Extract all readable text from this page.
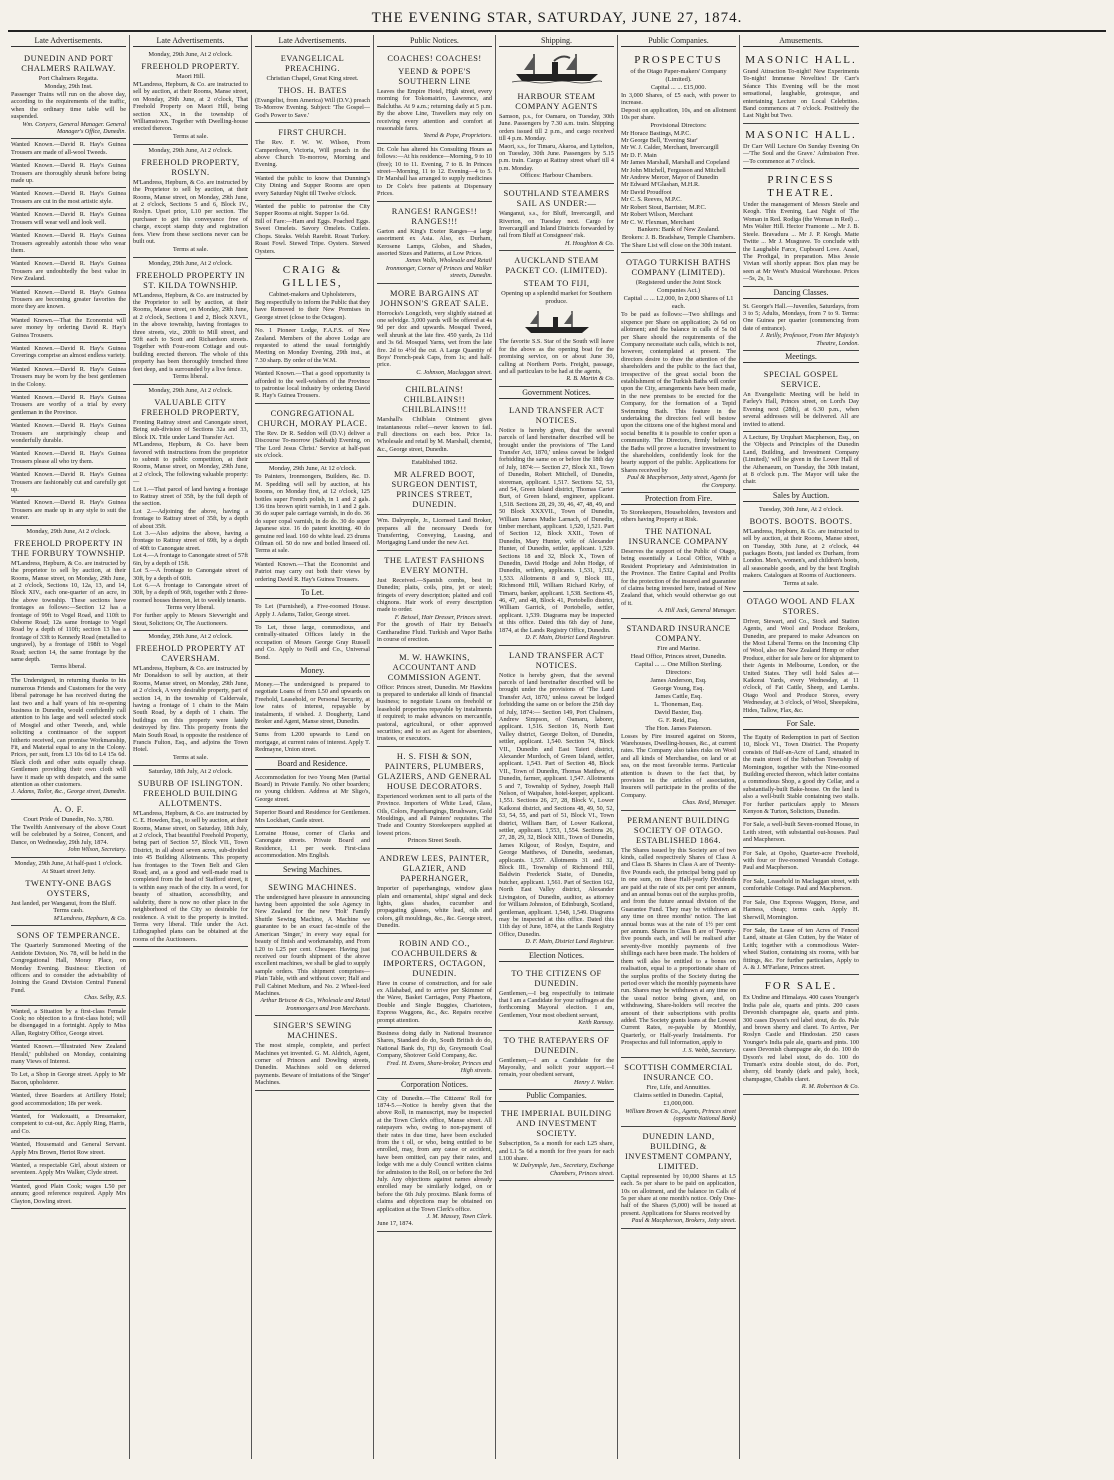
THE EVENING STAR, SATURDAY, JUNE 27, 1874.
Late Advertisements.
DUNEDIN AND PORT CHALMERS RAILWAY.
Port Chalmers Regatta.
Monday, 29th Inst.

Passenger Trains will run on the above day, according to the requirements of the traffic, when the ordinary time table will be suspended.

Wm. Conyers, General Manager. General Manager's Office, Dunedin.

Wanted Known.—David R. Hay's Guinea Trousers are made of all-wool Tweeds.

Wanted Known.—David R. Hay's Guinea Trousers are thoroughly shrunk before being made up.

Wanted Known.—David R. Hay's Guinea Trousers are cut in the most artistic style.

Wanted Known.—David R. Hay's Guinea Trousers will wear well and look well.

Wanted Known.—David R. Hay's Guinea Trousers agreeably astonish those who wear them.

Wanted Known.—David R. Hay's Guinea Trousers are undoubtedly the best value in New Zealand.

Wanted Known.—David R. Hay's Guinea Trousers are becoming greater favorites the more they are known.

Wanted Known.—That the Economist will save money by ordering David R. Hay's Guinea Trousers.

Wanted Known.—David R. Hay's Guinea Coverings comprise an almost endless variety.

Wanted Known.—David R. Hay's Guinea Trousers may be worn by the best gentlemen in the Colony.

Wanted Known.—David R. Hay's Guinea Trousers are worthy of a trial by every gentleman in the Province.

Wanted Known.—David R. Hay's Guinea Trousers are surprisingly cheap and wonderfully durable.

Wanted Known.—David R. Hay's Guinea Trousers please all who try them.

Wanted Known.—David R. Hay's Guinea Trousers are fashionably cut and carefully got up.

Wanted Known.—David R. Hay's Guinea Trousers are made up in any style to suit the wearer.

Monday, 29th June, At 2 o'clock.
FREEHOLD PROPERTY IN THE FORBURY TOWNSHIP.

M'Landress, Hepburn, & Co. are instructed by the proprietor to sell by auction, at their Rooms, Manse street, on Monday, 29th June, at 2 o'clock, Sections 10, 12a, 13, and 14, Block XIV., each one-quarter of an acre, in the above township. These sections have frontages as follows:—Section 12 has a frontage of 99ft to Vogel Road, and 110ft to Osborne Road; 12a same frontage to Vogel Road by a depth of 110ft; section 13 has a frontage of 33ft to Kennedy Road (metalled to ungravel), by a frontage of 198ft to Vogel Road; section 14, the same frontage by the same depth.

Terms liberal.

The Undersigned, in returning thanks to his numerous Friends and Customers for the very liberal patronage he has received during the last two and a half years of his re-opening business in Dunedin, would confidently call attention to his large and well selected stock of Mosgiel and other Tweeds, and, while soliciting a continuance of the support hitherto received, can promise Workmanship, Fit, and Material equal to any in the Colony. Prices, per suit, from L3 10s 6d to L4 15s 6d. Black cloth and other suits equally cheap. Gentlemen providing their own cloth will have it made up with despatch, and the same attention as other customers.

J. Adams, Tailor, &c., George street, Dunedin.
A. O. F.
Court Pride of Dunedin, No. 3,780.

The Twelfth Anniversary of the above Court will be celebrated by a Soiree, Concert, and Dance, on Wednesday, 29th July, 1874.

John Wilson, Secretary.
Monday, 29th June, At half-past 1 o'clock.
At Stuart street Jetty.
TWENTY-ONE BAGS OYSTERS,

Just landed, per Wanganui, from the Bluff.

Terms cash.
M'Landress, Hepburn, & Co.
SONS OF TEMPERANCE.

The Quarterly Summoned Meeting of the Antidote Division, No. 78, will be held in the Congregational Hall, Moray Place, on Monday Evening. Business: Election of officers and to consider the advisability of Joining the Grand Division Central Funeral Fund.

Chas. Selby, R.S.

Wanted, a Situation by a first-class Female Cook; no objection to a first-class hotel; will be disengaged in a fortnight. Apply to Miss Allan, Registry Office, George street.

Wanted Known.—'Illustrated New Zealand Herald,' published on Monday, containing many Views of Interest.

To Let, a Shop in George street. Apply to Mr Bacon, upholsterer.

Wanted, three Boarders at Artillery Hotel; good accommodation; 18s per week.

Wanted, for Waikouaiti, a Dressmaker, competent to cut-out, &c. Apply Ring, Harris, and Co.

Wanted, Housemaid and General Servant. Apply Mrs Brown, Heriot Row street.

Wanted, a respectable Girl, about sixteen or seventeen. Apply Mrs Walker, Clyde street.

Wanted, good Plain Cook; wages L50 per annum; good reference required. Apply Mrs Clayton, Dowling street.

Late Advertisements.
Monday, 29th June, At 2 o'clock.
FREEHOLD PROPERTY.
Maori Hill.

M'Landress, Hepburn, & Co. are instructed to sell by auction, at their Rooms, Manse street, on Monday, 29th June, at 2 o'clock, That Freehold Property on Maori Hill, being section XX., in the township of Williamstown. Together with Dwelling-house erected thereon.

Terms at sale.
Monday, 29th June, At 2 o'clock.
FREEHOLD PROPERTY, ROSLYN.

M'Landress, Hepburn, & Co. are instructed by the Proprietor to sell by auction, at their Rooms, Manse street, on Monday, 29th June, at 2 o'clock, Sections 5 and 6, Block IV., Roslyn. Upset price, L10 per section. The purchaser to get his conveyance free of charge, except stamp duty and registration fees. View from these sections never can be built out.

Terms at sale.
Monday, 29th June, At 2 o'clock.
FREEHOLD PROPERTY IN ST. KILDA TOWNSHIP.

M'Landress, Hepburn, & Co. are instructed by the Proprietor to sell by auction, at their Rooms, Manse street, on Monday, 29th June, at 2 o'clock, Sections 1 and 2, Block XXVI., in the above township, having frontages to three streets, viz., 200ft to Mill street, and 50ft each to Scott and Richardson streets. Together with Four-room Cottage and out-building erected thereon. The whole of this property has been thoroughly trenched three feet deep, and is surrounded by a live fence.

Terms liberal.
Monday, 29th June, At 2 o'clock.
VALUABLE CITY FREEHOLD PROPERTY,

Fronting Rattray street and Canongate street, Being sub-division of Sections 32a and 33, Block IX. Title under Land Transfer Act.

M'Landress, Hepburn, & Co. have been favored with instructions from the proprietor to submit to public competition, at their Rooms, Manse street, on Monday, 29th June, at 2 o'clock, The following valuable property:—

Lot 1.—That parcel of land having a frontage to Rattray street of 35ft, by the full depth of the section.

Lot 2.—Adjoining the above, having a frontage to Rattray street of 35ft, by a depth of about 35ft.

Lot 3.—Also adjoins the above, having a frontage to Rattray street of 69ft, by a depth of 40ft to Canongate street.

Lot 4.—A frontage to Canongate street of 57ft 6in, by a depth of 15ft.

Lot 5.—A frontage to Canongate street of 30ft, by a depth of 60ft.

Lot 6.—A frontage to Canongate street of 30ft, by a depth of 96ft, together with 2 three-roomed houses thereon, let to weekly tenants.

Terms very liberal.

For further apply to Messrs Sievwright and Stout, Solicitors; Or, The Auctioneers.

Monday, 29th June, At 2 o'clock.
FREEHOLD PROPERTY AT CAVERSHAM.

M'Landress, Hepburn, & Co. are instructed by Mr Donaldson to sell by auction, at their Rooms, Manse street, on Monday, 29th June, at 2 o'clock, A very desirable property, part of section 14, in the township of Caldervale, having a frontage of 1 chain to the Main South Road, by a depth of 1 chain. The buildings on this property were lately destroyed by fire. This property fronts the Main South Road, is opposite the residence of Francis Fulton, Esq., and adjoins the Town Hotel.

Terms at sale.
Saturday, 18th July, At 2 o'clock.
SUBURB OF ISLINGTON. FREEHOLD BUILDING ALLOTMENTS.

M'Landress, Hepburn, & Co. are instructed by C. E. Howden, Esq., to sell by auction, at their Rooms, Manse street, on Saturday, 18th July, at 2 o'clock, That beautiful Freehold Property, being part of Section 57, Block VII., Town District, in all about seven acres, sub-divided into 45 Building Allotments. This property has frontages to the Town Belt and Glen Road; and, as a good and well-made road is completed from the head of Stafford street, it is within easy reach of the city. In a word, for beauty of situation, accessibility, and salubrity, there is now no other place in the neighborhood of the City so desirable for residence. A visit to the property is invited. Terms very liberal. Title under the Act. Lithographed plans can be obtained at the rooms of the Auctioneers.

Late Advertisements.
EVANGELICAL PREACHING.
Christian Chapel, Great King street.
THOS. H. BATES

(Evangelist, from America) Will (D.V.) preach To-Morrow Evening. Subject: 'The Gospel—God's Power to Save.'

FIRST CHURCH.

The Rev. F. W. W. Wilson, From Camperdown, Victoria, Will preach in the above Church To-morrow, Morning and Evening.

Wanted the public to know that Dunning's City Dining and Supper Rooms are open every Saturday Night till Twelve o'clock.

Wanted the public to patronise the City Supper Rooms at night. Supper 1s 6d.

Bill of Fare:—Ham and Eggs. Poached Eggs. Sweet Omelets. Savory Omelets. Cutlets. Chops. Steaks. Welsh Rarebit. Roast Turkey. Roast Fowl. Stewed Tripe. Oysters. Stewed Oysters.

CRAIG & GILLIES,
Cabinet-makers and Upholsterers,

Beg respectfully to inform the Public that they have Removed to their New Premises in George street (close to the Octagon).

No. 1 Pioneer Lodge, F.A.F.S. of New Zealand. Members of the above Lodge are requested to attend the usual fortnightly Meeting on Monday Evening, 29th inst., at 7.30 sharp. By order of the W.M.

Wanted Known.—That a good opportunity is afforded to the well-wishers of the Province to patronise local industry by ordering David R. Hay's Guinea Trousers.

CONGREGATIONAL CHURCH, MORAY PLACE.

The Rev. Dr R. Seddon will (D.V.) deliver a Discourse To-morrow (Sabbath) Evening, on 'The Lord Jesus Christ.' Service at half-past six o'clock.

Monday, 29th June, At 12 o'clock.

To Painters, Ironmongers, Builders, &c. D. M. Spedding will sell by auction, at his Rooms, on Monday first, at 12 o'clock, 125 bottles super French polish, in 1 and 2 gals. 136 tins brown spirit varnish, in 1 and 2 gals. 36 do super pale carriage varnish, in do do. 36 do super copal varnish, in do do. 30 do super Japanese size. 16 do patent knotting. 40 do genuine red lead. 160 do white lead. 23 drums Oilman oil. 50 do raw and boiled linseed oil. Terms at sale.

Wanted Known.—That the Economist and Patriot may carry out both their views by ordering David R. Hay's Guinea Trousers.

To Let.

To Let (Furnished), a Five-roomed House. Apply J. Adams, Tailor, George street.

To Let, those large, commodious, and centrally-situated Offices lately in the occupation of Messrs George Gray Russell and Co. Apply to Neill and Co., Universal Bond.

Money.

Money.—The undersigned is prepared to negotiate Loans of from L50 and upwards on Freehold, Leasehold, or Personal Security, at low rates of interest, repayable by instalments, if wished. J. Dougherty, Land Broker and Agent, Manse street, Dunedin.

Sums from L200 upwards to Lend on mortgage, at current rates of interest. Apply T. Redmayne, Union street.

Board and Residence.

Accommodation for two Young Men (Partial Board) in Private Family. No other boarders; no young children. Address at Mr Sligo's, George street.

Superior Board and Residence for Gentlemen. Mrs Lockhart, Castle street.

Lorraine House, corner of Clarks and Canongate streets. Private Board and Residence, L1 per week. First-class accommodation. Mrs English.

Sewing Machines.
SEWING MACHINES.

The undersigned have pleasure in announcing having been appointed the sole Agency in New Zealand for the new 'Holt' Family Shuttle Sewing Machine, A Machine we guarantee to be an exact fac-simile of the American 'Singer,' in every way equal for beauty of finish and workmanship, and From L20 to L25 per cent. Cheaper. Having just received our fourth shipment of the above excellent machines, we shall be glad to supply sample orders. This shipment comprises—Plain Table, with and without cover; Half and Full Cabinet Medium, and No. 2 Wheel-feed Machines.

Arthur Briscoe & Co., Wholesale and Retail Ironmongers and Iron Merchants.
SINGER'S SEWING MACHINES.

The most simple, complete, and perfect Machines yet invented. G. M. Aldrich, Agent, corner of Princes and Dowling streets, Dunedin. Machines sold on deferred payments. Beware of imitations of the 'Singer' Machines.

Public Notices.
COACHES! COACHES!
YEEND & POPE'S SOUTHERN LINE

Leaves the Empire Hotel, High street, every morning for Tokomairiro, Lawrence, and Balclutha. At 9 a.m.; returning daily at 5 p.m. By the above Line, Travellers may rely on receiving every attention and comfort at reasonable fares.

Yeend & Pope, Proprietors.

Dr. Cole has altered his Consulting Hours as follows:—At his residence—Morning, 9 to 10 (free); 10 to 11. Evening, 7 to 8. In Princes street—Morning, 11 to 12. Evening—4 to 5. Dr Marshall has arranged to supply medicines to Dr Cole's free patients at Dispensary Prices.

RANGES! RANGES!! RANGES!!!

Garton and King's Exeter Ranges—a large assortment ex Asia. Also, ex Durham, Kerosene Lamps, Globes, and Shades, assorted Sizes and Patterns, at Low Prices.

James Walls, Wholesale and Retail Ironmonger, Corner of Princes and Walker streets, Dunedin.
MORE BARGAINS AT JOHNSON'S GREAT SALE.

Horrocks's Longcloth, very slightly stained at one selvidge. 3,000 yards will be offered at 4s 9d per doz and upwards. Mosquel Tweed, well shrunk at the late fire. 450 yards, 2s 11d and 3s 6d. Mosquel Yarns, wet from the late fire. 2d to 4½d the cut. A Large Quantity of Boys' French-peak Caps, from 1s; and half-price.

C. Johnson, Maclaggan street.
CHILBLAINS! CHILBLAINS!! CHILBLAINS!!!

Marshall's Chilblain Ointment gives instantaneous relief—never known to fail. Full directions on each box. Price 1s. Wholesale and retail by M. Marshall, chemist, &c., George street, Dunedin.

Established 1862.
MR ALFRED BOOT, SURGEON DENTIST, PRINCES STREET, DUNEDIN.

Wm. Dalrymple, Jr., Licensed Land Broker, prepares all the necessary Deeds for Transferring, Conveying, Leasing, and Mortgaging Land under the new Act.

THE LATEST FASHIONS EVERY MONTH.

Just Received.—Spanish combs, best in Dunedin; plaits, coils, pins, jet or steel; fringets of every description; plaited and coil chignons. Hair work of every description made to order.

F. Beissel, Hair Dresser, Princes street.

For the growth of Hair try Beissel's Cantharadine Fluid. Turkish and Vapor Baths in course of erection.

M. W. HAWKINS, ACCOUNTANT AND COMMISSION AGENT.

Office: Princes street, Dunedin. Mr Hawkins is prepared to undertake all kinds of financial business; to negotiate Loans on freehold or leasehold properties repayable by instalments if required; to make advances on mercantile, pastoral, agricultural, or other approved securities; and to act as Agent for absentees, trustees, or executors.

H. S. FISH & SON, PAINTERS, PLUMBERS, GLAZIERS, AND GENERAL HOUSE DECORATORS.

Experienced workmen sent to all parts of the Province. Importers of White Lead, Glass, Oils, Colors, Paperhangings, Brushware, Gold Mouldings, and all Painters' requisites. The Trade and Country Storekeepers supplied at lowest prices.

Princes Street South.
ANDREW LEES, PAINTER, GLAZIER, AND PAPERHANGER,

Importer of paperhangings, window glass plain and ornamental, ships' signal and deck lights, glass shades, cucumber and propagating glasses, white lead, oils and colors, gilt mouldings, &c., &c. George street, Dunedin.

ROBIN AND CO., COACHBUILDERS & IMPORTERS, OCTAGON, DUNEDIN.

Have in course of construction, and for sale ex Allahabad, and to arrive per Skimmer of the Wave, Basket Carriages, Pony Phaetons, Double and Single Buggies, Chariotees, Express Waggons, &c., &c. Repairs receive prompt attention.

Business doing daily in National Insurance Shares, Standard do do, South British do do, National Bank do, Fiji do, Greymouth Coal Company, Shotover Gold Company, &c.

Fred. H. Evans, Share-broker, Princes and High streets.
Corporation Notices.

City of Dunedin.—The Citizens' Roll for 1874-5.—Notice is hereby given that the above Roll, in manuscript, may be inspected at the Town Clerk's office, Manse street. All ratepayers who, owing to non-payment of their rates in due time, have been excluded from the t oll, or who, being entitled to be enrolled, may, from any cause or accident, have been omitted, can pay their rates, and lodge with me a duly Council written claims for admission to the Roll, on or before the 3rd July. Any objections against names already enrolled may be similarly lodged, on or before the 6th July proximo. Blank forms of claims and objections may be obtained on application at the Town Clerk's office.

J. M. Massey, Town Clerk.
June 17, 1874.
Shipping.
HARBOUR STEAM COMPANY AGENTS

Samson, p.s., for Oamaru, on Tuesday, 30th June. Passengers by 7.30 a.m. train. Shipping orders issued till 2 p.m., and cargo received till 4 p.m. Monday.

Maori, s.s., for Timaru, Akaroa, and Lyttelton, on Tuesday, 30th June. Passengers by 5.15 p.m. train. Cargo at Rattray street wharf till 4 p.m. Monday.

Offices: Harbour Chambers.
SOUTHLAND STEAMERS SAIL AS UNDER:—

Wanganui, s.s., for Bluff, Invercargill, and Riverton, on Tuesday next. Cargo for Invercargill and Inland Districts forwarded by rail from Bluff at Consignees' risk.

H. Houghton & Co.
AUCKLAND STEAM PACKET CO. (LIMITED).
STEAM TO FIJI,
Opening up a splendid market for Southern produce.

The favorite S.S. Star of the South will leave for the above as the opening boat for the promising service, on or about June 30, calling at Northern Ports. Freight, passage, and all particulars to be had at the agents,

R. B. Martin & Co.
Government Notices.
LAND TRANSFER ACT NOTICES.

Notice is hereby given, that the several parcels of land hereinafter described will be brought under the provisions of 'The Land Transfer Act, 1870,' unless caveat be lodged forbidding the same on or before the 18th day of July, 1874:— Section 27, Block XI., Town of Dunedin, Robert Mitchell, of Dunedin, storeman, applicant. 1,517. Sections 52, 53, and 54, Green Island district, Thomas Carter Burt, of Green Island, engineer, applicant. 1,518. Sections 28, 29, 39, 46, 47, 48, 49, and 50 Block XXXVII., Town of Dunedin, William James Mudie Larnach, of Dunedin, timber merchant, applicant. 1,520, 1,521. Part of Section 12, Block XXII., Town of Dunedin, Mary Hunter, wife of Alexander Hunter, of Dunedin, settler, applicant. 1,529. Sections 18 and 32, Block X., Town of Dunedin, David Hodge and John Hodge, of Dunedin, settlers, applicants. 1,531, 1,532, 1,533. Allotments 8 and 9, Block III., Richmond Hill, William Richard Kirby, of Timaru, banker, applicant. 1,538. Sections 45, 46, 47, and 48, Block 41, Portobello district, William Garrick, of Portobello, settler, applicant. 1,539. Diagrams may be inspected at this office. Dated this 6th day of June, 1874, at the Lands Registry Office, Dunedin.

D. F. Main, District Land Registrar.
LAND TRANSFER ACT NOTICES.

Notice is hereby given, that the several parcels of land hereinafter described will be brought under the provisions of 'The Land Transfer Act, 1870,' unless caveat be lodged forbidding the same on or before the 25th day of July, 1874:— Section 149, Port Chalmers, Andrew Simpson, of Oamaru, laborer, applicant. 1,516. Section 16, North East Valley district, George Dolton, of Dunedin, settler, applicant. 1,540. Section 74, Block VII., Dunedin and East Taieri district, Alexander Murdoch, of Green Island, settler, applicant. 1,543. Part of Section 48, Block VII., Town of Dunedin, Thomas Matthew, of Dunedin, farmer, applicant. 1,547. Allotments 5 and 7, Township of Sydney, Joseph Hall Nelson, of Waipahee, hotel-keeper, applicant. 1,551. Sections 26, 27, 28, Block V., Lower Kaikorai district, and Sections 48, 49, 50, 52, 53, 54, 55, and part of 51, Block VI., Town district, William Barr, of Lower Kaikorai, settler, applicant. 1,553, 1,554. Sections 26, 27, 28, 29, 32, Block XIII., Town of Dunedin, James Kilgour, of Roslyn, Esquire, and George Matthews, of Dunedin, seedsman, applicants. 1,557. Allotments 31 and 32, Block III., Township of Richmond Hill, Baldwin Frederick Staite, of Dunedin, butcher, applicant. 1,561. Part of Section 162, North East Valley district, Alexander Livingston, of Dunedin, auditor, as attorney for William Johnston, of Edinburgh, Scotland, gentleman, applicant. 1,548, 1,549. Diagrams may be inspected at this office. Dated this 11th day of June, 1874, at the Lands Registry Office, Dunedin.

D. F. Main, District Land Registrar.
Election Notices.
TO THE CITIZENS OF DUNEDIN.

Gentlemen,—I beg respectfully to intimate that I am a Candidate for your suffrages at the forthcoming Mayoral election. I am, Gentlemen, Your most obedient servant,

Keith Ramsay.
TO THE RATEPAYERS OF DUNEDIN.

Gentlemen,—I am a Candidate for the Mayoralty, and solicit your support.—I remain, your obedient servant,

Henry J. Walter.
Public Companies.
THE IMPERIAL BUILDING AND INVESTMENT SOCIETY.

Subscription, 5s a month for each L25 share, and L1 5s 6d a month for five years for each L100 share.

W. Dalrymple, Jun., Secretary, Exchange Chambers, Princes street.
Public Companies.
PROSPECTUS
of the Otago Paper-makers' Company (Limited).
Capital ... ... £15,000.

In 3,000 Shares, of £5 each, with power to increase.

Deposit on application, 10s, and on allotment 10s per share.

Provisional Directors:
Mr Horace Bastings, M.P.C.
Mr George Bell, 'Evening Star'
Mr W. J. Calder, Merchant, Invercargill
Mr D. F. Main
Mr James Marshall, Marshall and Copeland
Mr John Mitchell, Fergusson and Mitchell
Mr Andrew Mercer, Mayor of Dunedin
Mr Edward M'Glashan, M.H.R.
Mr David Proudfoot
Mr C. S. Reeves, M.P.C.
Mr Robert Stout, Barrister, M.P.C.
Mr Robert Wilson, Merchant
Mr C. W. Flexman, Merchant
Bankers: Bank of New Zealand.
Brokers: J. B. Bradshaw, Temple Chambers.

The Share List will close on the 30th instant.

OTAGO TURKISH BATHS COMPANY (LIMITED).
(Registered under the Joint Stock Companies Act.)
Capital ... ... L2,000, In 2,000 Shares of L1 each.

To be paid as follows:—Two shillings and sixpence per Share on application; 2s 6d on allotment; and the balance in calls of 5s 0d per Share should the requirements of the Company necessitate such calls, which is not, however, contemplated at present. The directors desire to draw the attention of the shareholders and the public to the fact that, irrespective of the great social boon the establishment of the Turkish Baths will confer upon the City, arrangements have been made, in the new premises to be erected for the Company, for the formation of a Tepid Swimming Bath. This feature in the undertaking the directors feel will bestow upon the citizens one of the highest moral and social benefits it is possible to confer upon a community. The Directors, firmly believing the Baths will prove a lucrative investment to the shareholders, confidently look for the hearty support of the public. Applications for Shares received by

Paul & Macpherson, Jetty street, Agents for the Company.
Protection from Fire.

To Storekeepers, Householders, Investors and others having Property at Risk.

THE NATIONAL INSURANCE COMPANY

Deserves the support of the Public of Otago, being essentially a Local Office, With a Resident Proprietary and Administration in the Province. The Entire Capital and Profits for the protection of the insured and guarantee of claims being invested here, instead of New Zealand that, which would otherwise go out of it.

A. Hill Jack, General Manager.
STANDARD INSURANCE COMPANY.
Fire and Marine.
Head Office, Princes street, Dunedin.
Capital ... ... One Million Sterling.
Directors:
James Anderson, Esq.
George Young, Esq.
James Cattle, Esq.
L. Thoneman, Esq.
David Baxter, Esq.
G. F. Reid, Esq.
The Hon. James Paterson.

Losses by Fire insured against on Stores, Warehouses, Dwelling-houses, &c., at current rates. The Company also takes risks on Wool and all kinds of Merchandise, on land or at sea, on the most favorable terms. Particular attention is drawn to the fact that, by provision in the articles of association, Insurers will participate in the profits of the Company.

Chas. Reid, Manager.
PERMANENT BUILDING SOCIETY OF OTAGO. ESTABLISHED 1864.

The Shares issued by this Society are of two kinds, called respectively Shares of Class A and Class B. Shares in Class A are of Twenty-five Pounds each, the principal being paid up in one sum, on these Half-yearly Dividends are paid at the rate of six per cent per annum, and an annual bonus out of the surplus profits, and from the future annual division of the Guarantee Fund. They may be withdrawn at any time on three months' notice. The last annual bonus was at the rate of 1½ per cent per annum. Shares in Class B are of Twenty-five pounds each, and will be realised after seventy-five monthly payments of five shillings each have been made. The holders of them will also be entitled to a bonus on realisation, equal to a proportionate share of the surplus profits of the Society during the period over which the monthly payments have run. Shares may be withdrawn at any time on the usual notice being given, and, on withdrawing, Share-holders will receive the amount of their subscriptions with profits added. The Society grants loans at the Lowest Current Rates, re-payable by Monthly, Quarterly, or Half-yearly Instalments. For Prospectus and full information, apply to

J. S. Webb, Secretary.
SCOTTISH COMMERCIAL INSURANCE CO.
Fire, Life, and Annuities.
Claims settled in Dunedin. Capital, £1,000,000.
William Brown & Co., Agents, Princes street (opposite National Bank)
DUNEDIN LAND, BUILDING, & INVESTMENT COMPANY, LIMITED.

Capital represented by 10,000 Shares at L5 each. 5s per share to be paid on application, 10s on allotment, and the balance in Calls of 5s per share at one month's notice. Only One-half of the Shares (5,000) will be issued at present. Applications for Shares received by

Paul & Macpherson, Brokers, Jetty street.
Amusements.
MASONIC HALL.

Grand Attraction To-night! New Experiments To-night! Immense Novelties! Dr Carr's Séance This Evening will be the most sensational, laughable, grotesque, and entertaining Lecture on Local Celebrities. Band commences at 7 o'clock. Positively the Last Night but Two.

MASONIC HALL.

Dr Carr Will Lecture On Sunday Evening On—'The Soul and the Grave.' Admission Free.—To commence at 7 o'clock.

PRINCESS THEATRE.

Under the management of Messrs Steele and Keogh. This Evening, Last Night of The Woman in Red. Rodiga (the Woman in Red) ... Mrs Walter Hill. Hector Framonte ... Mr J. B. Steele. Bravadura ... Mr J. P. Keogh. Matte Twitte ... Mr J. Musgrave. To conclude with the Laughable Farce, Cupboard Love. Azael, The Prodigal, in preparation. Miss Jessie Vivian will shortly appear. Box plan may be seen at Mr West's Musical Warehouse. Prices—5s, 2s, 1s.

Dancing Classes.

St. George's Hall.—Juveniles, Saturdays, from 3 to 5; Adults, Mondays, from 7 to 9. Terms: One Guinea per quarter (commencing from date of entrance).

J. Reilly, Professor, From Her Majesty's Theatre, London.
Meetings.
SPECIAL GOSPEL SERVICE.

An Evangelistic Meeting will be held in Farley's Hall, Princes street, on Lord's Day Evening next (28th), at 6.30 p.m., when several addresses will be delivered. All are invited to attend.

A Lecture, By Urquhart Macpherson, Esq., on the 'Objects and Principles of the Dunedin Land, Building, and Investment Company (Limited),' will be given in the Lower Hall of the Athenaeum, on Tuesday, the 30th instant, at 8 o'clock p.m. The Mayor will take the chair.

Sales by Auction.
Tuesday, 30th June, At 2 o'clock.
BOOTS. BOOTS. BOOTS.

M'Landress, Hepburn, & Co. are instructed to sell by auction, at their Rooms, Manse street, on Tuesday, 30th June, at 2 o'clock, 44 packages Boots, just landed ex Durham, from London. Men's, women's, and children's boots, all seasonable goods, and by the best English makers. Catalogues at Rooms of Auctioneers.

Terms at sale.
OTAGO WOOL AND FLAX STORES.

Driver, Stewart, and Co., Stock and Station Agents, and Wool and Produce Brokers, Dunedin, are prepared to make Advances on the Most Liberal Terms on the Incoming Clip of Wool, also on New Zealand Hemp or other Produce, either for sale here or for shipment to their Agents in Melbourne, London, or the United States. They will hold Sales at— Kaikorai Yards, every Wednesday, at 11 o'clock, of Fat Cattle, Sheep, and Lambs. Otago Wool and Produce Stores, every Wednesday, at 3 o'clock, of Wool, Sheepskins, Hides, Tallow, Flax, &c.

For Sale.

The Equity of Redemption in part of Section 10, Block VI., Town District. The Property consists of Half-an-Acre of Land, situated in the main street of the Suburban Township of Mornington, together with the Nine-roomed Building erected thereon, which latter contains a commodious Shop, a good dry Cellar, and a substantially-built Bake-house. On the land is also a well-built Stable containing two stalls. For further particulars apply to Messrs Kenyon & Turton, Solicitors, Dunedin.

For Sale, a well-built Seven-roomed House, in Leith street, with substantial out-houses. Paul and Macpherson.

For Sale, at Opoho, Quarter-acre Freehold, with four or five-roomed Verandah Cottage. Paul and Macpherson.

For Sale, Leasehold in Maclaggan street, with comfortable Cottage. Paul and Macpherson.

For Sale, One Express Waggon, Horse, and Harness, cheap; terms cash. Apply H. Sherwill, Mornington.

For Sale, the Lease of ten Acres of Fenced Land, situate at Glen Cutten, by the Water of Leith; together with a commodious Water-wheel Station, containing six rooms, with bar fittings, &c. For further particulars, Apply to A. & J. M'Farlane, Princes street.

FOR SALE.

Ex Undine and Himalaya. 400 cases Younger's India pale ale, quarts and pints. 200 cases Devonish champagne ale, quarts and pints. 300 cases Dyson's red label stout, do do. Pale and brown sherry and claret. To Arrive, Per Roslyn Castle and Hindostan. 250 cases Younger's India pale ale, quarts and pints. 100 cases Devonish champagne ale, do do. 100 do Dyson's red label stout, do do. 100 do Truman's extra double stout, do do. Port, sherry, old brandy (dark and pale), hock, champagne, Chablis claret.

R. M. Robertson & Co.
